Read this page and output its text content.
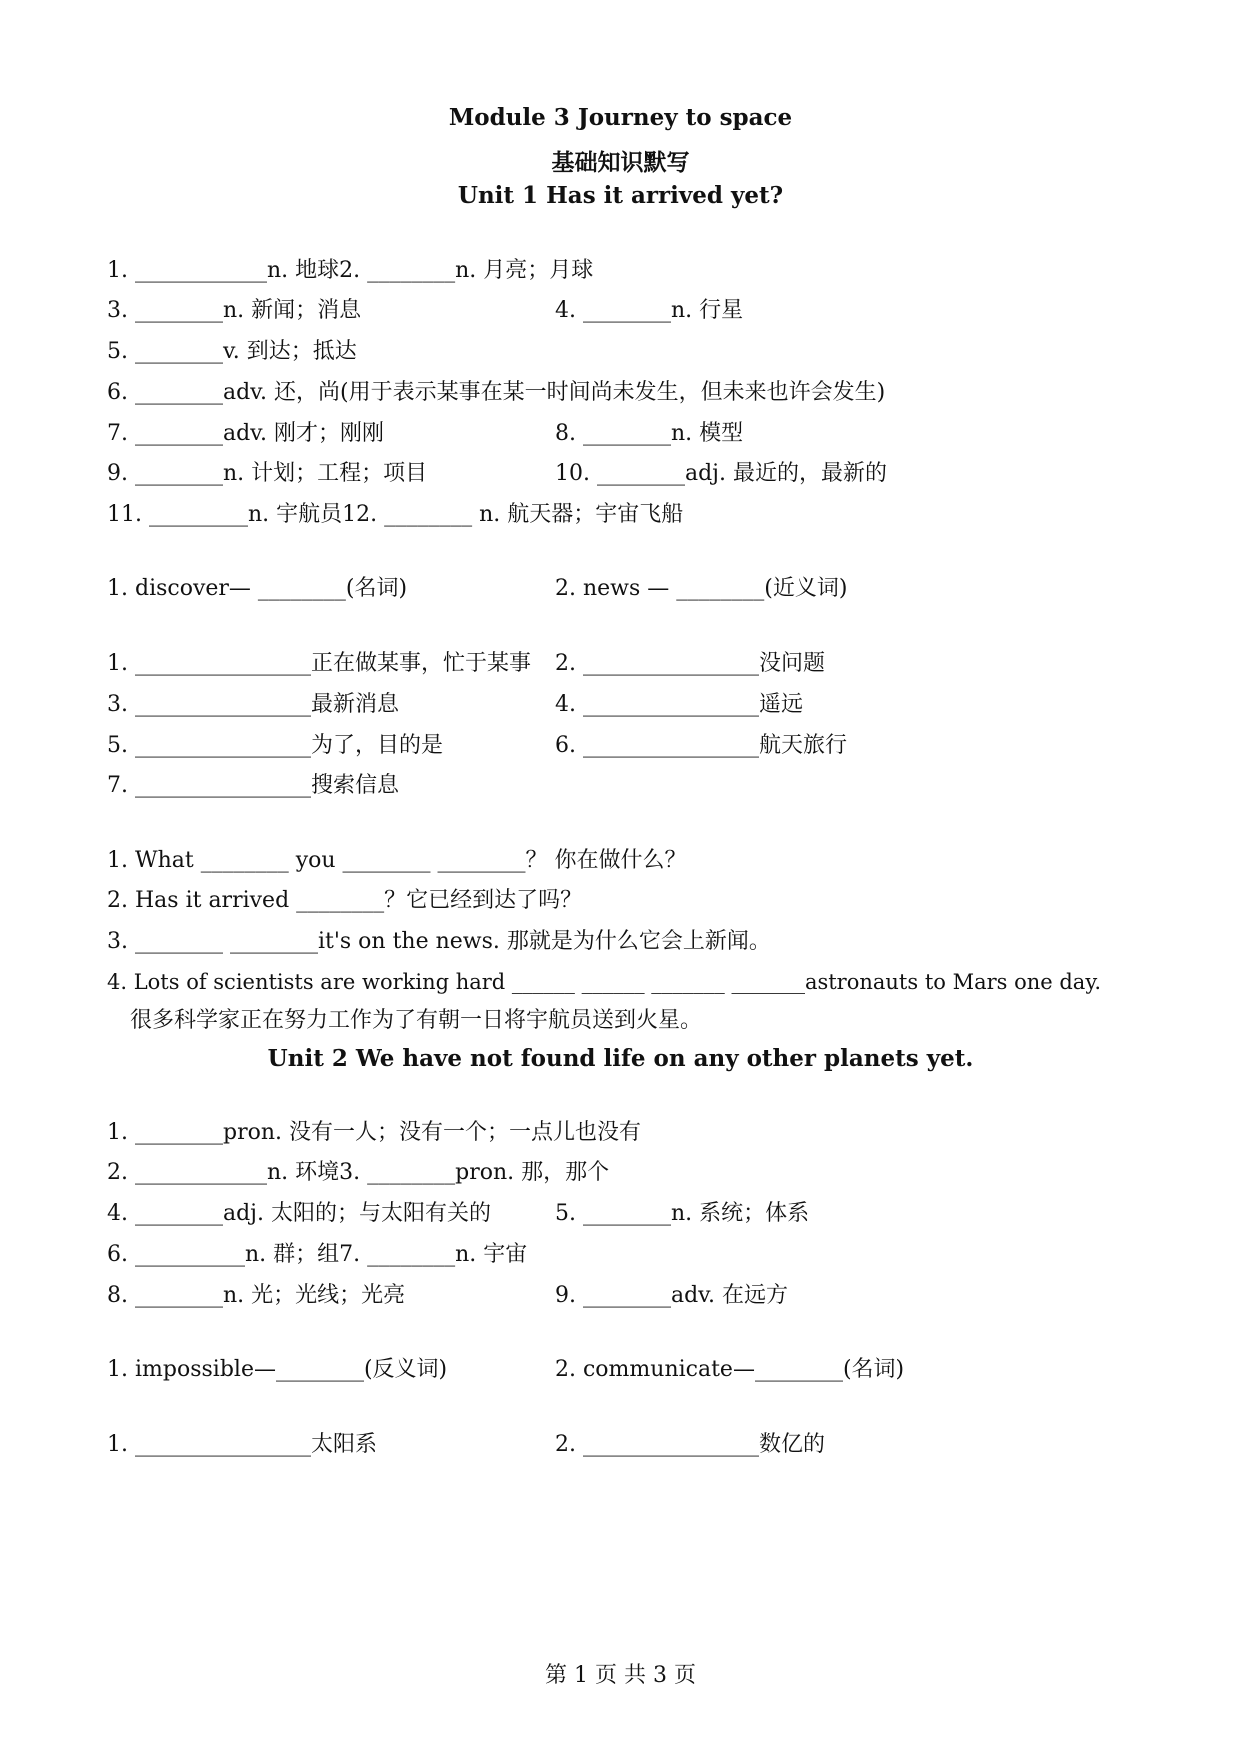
Module 3 Journey to space
基础知识默写
Unit 1 Has it arrived yet?
1. ____________n. 地球2. ________n. 月亮；月球
3. ________n. 新闻；消息	4. ________n. 行星
5. ________v. 到达；抵达
6. ________adv. 还，尚(用于表示某事在某一时间尚未发生，但未来也许会发生)
7. ________adv. 刚才；刚刚	8. ________n. 模型
9. ________n. 计划；工程；项目	10. ________adj. 最近的，最新的
11. _________n. 宇航员12. ________ n. 航天器；宇宙飞船
1. discover— ________(名词)	2. news — ________(近义词)
1. ________________正在做某事，忙于某事 2. ________________没问题
3. ________________最新消息	4. ________________遥远
5. ________________为了，目的是	6. ________________航天旅行
7. ________________搜索信息
1. What ________ you ________ ________？ 你在做什么？
2. Has it arrived ________？它已经到达了吗？
3. ________ ________it's on the news. 那就是为什么它会上新闻。
4. Lots of scientists are working hard ______ ______ _______ _______astronauts to Mars one day.
很多科学家正在努力工作为了有朝一日将宇航员送到火星。
Unit 2 We have not found life on any other planets yet.
1. ________pron. 没有一人；没有一个；一点儿也没有
2. ____________n. 环境3. ________pron. 那，那个
4. ________adj. 太阳的；与太阳有关的	5. ________n. 系统；体系
6. __________n. 群；组7. ________n. 宇宙
8. ________n. 光；光线；光亮	9. ________adv. 在远方
1. impossible—________(反义词)	2. communicate—________(名词)
1. ________________太阳系	2. ________________数亿的
第 1 页 共 3 页
